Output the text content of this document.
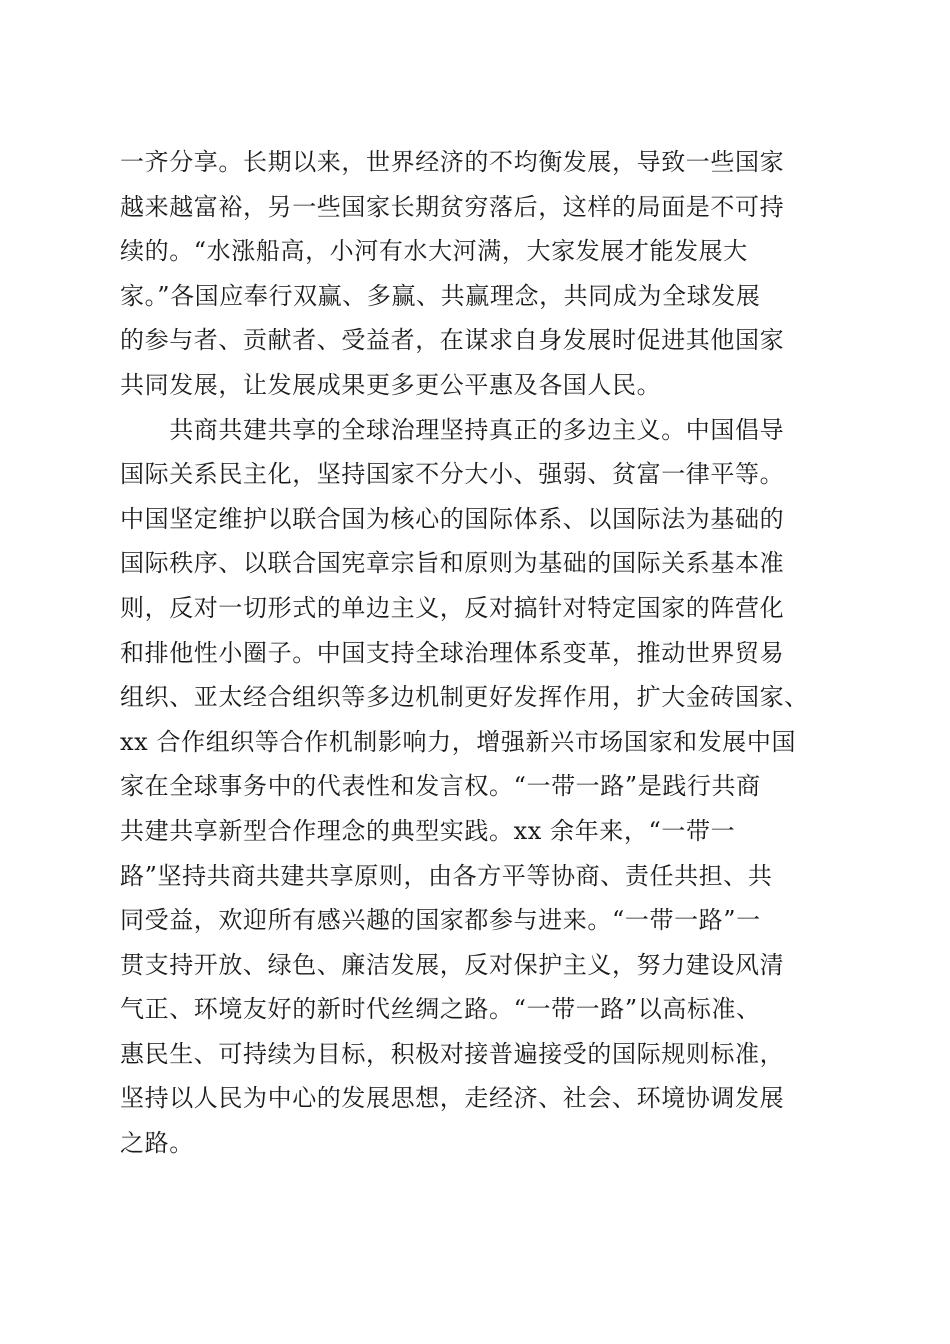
一齐分享。长期以来，世界经济的不均衡发展，导致一些国家
越来越富裕，另一些国家长期贫穷落后，这样的局面是不可持
续的。“水涨船高，小河有水大河满，大家发展才能发展大
家。”各国应奉行双赢、多赢、共赢理念，共同成为全球发展
的参与者、贡献者、受益者，在谋求自身发展时促进其他国家
共同发展，让发展成果更多更公平惠及各国人民。
　　共商共建共享的全球治理坚持真正的多边主义。中国倡导
国际关系民主化，坚持国家不分大小、强弱、贫富一律平等。
中国坚定维护以联合国为核心的国际体系、以国际法为基础的
国际秩序、以联合国宪章宗旨和原则为基础的国际关系基本准
则，反对一切形式的单边主义，反对搞针对特定国家的阵营化
和排他性小圈子。中国支持全球治理体系变革，推动世界贸易
组织、亚太经合组织等多边机制更好发挥作用，扩大金砖国家、
xx 合作组织等合作机制影响力，增强新兴市场国家和发展中国
家在全球事务中的代表性和发言权。“一带一路”是践行共商
共建共享新型合作理念的典型实践。xx 余年来，“一带一
路”坚持共商共建共享原则，由各方平等协商、责任共担、共
同受益，欢迎所有感兴趣的国家都参与进来。“一带一路”一
贯支持开放、绿色、廉洁发展，反对保护主义，努力建设风清
气正、环境友好的新时代丝绸之路。“一带一路”以高标准、
惠民生、可持续为目标，积极对接普遍接受的国际规则标准，
坚持以人民为中心的发展思想，走经济、社会、环境协调发展
之路。
